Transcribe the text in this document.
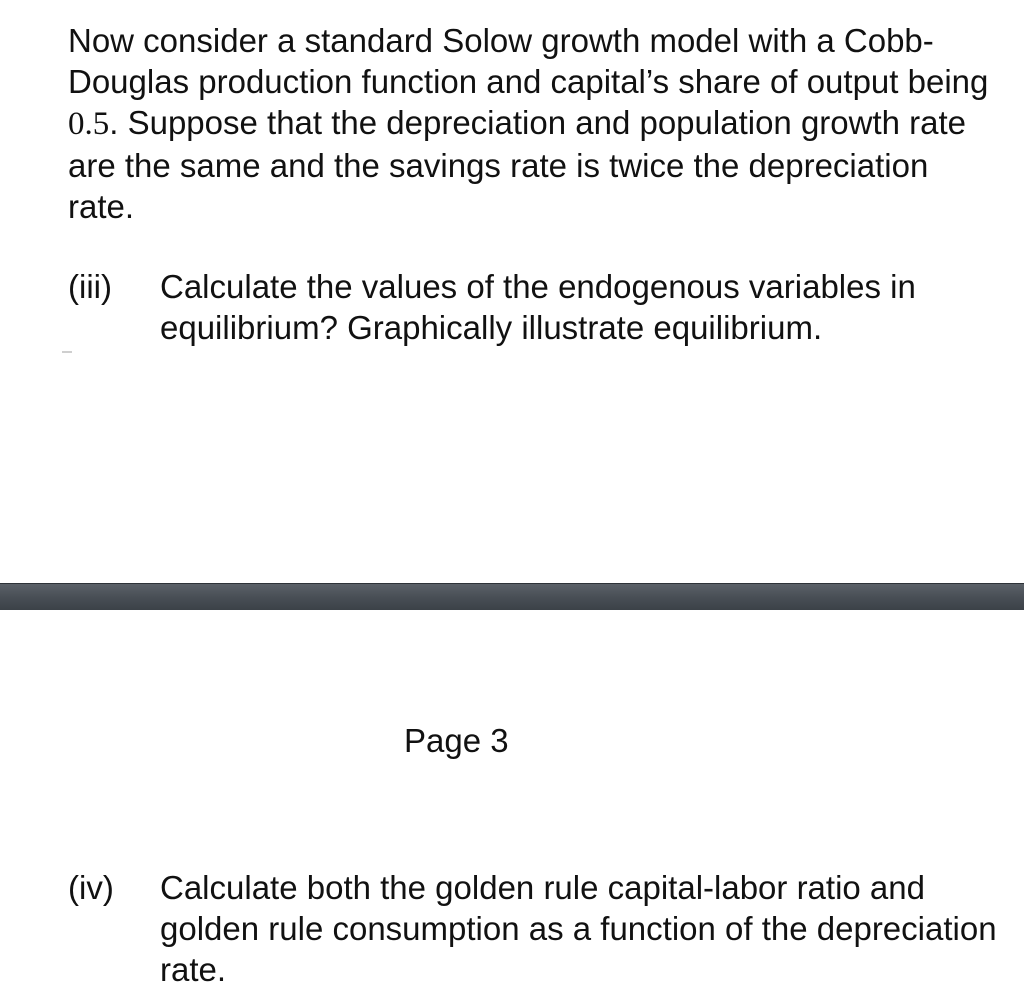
Now consider a standard Solow growth model with a Cobb-Douglas production function and capital’s share of output being 0.5. Suppose that the depreciation and population growth rate are the same and the savings rate is twice the depreciation rate.

(iii) Calculate the values of the endogenous variables in equilibrium? Graphically illustrate equilibrium.
Page 3
(iv) Calculate both the golden rule capital-labor ratio and golden rule consumption as a function of the depreciation rate.
